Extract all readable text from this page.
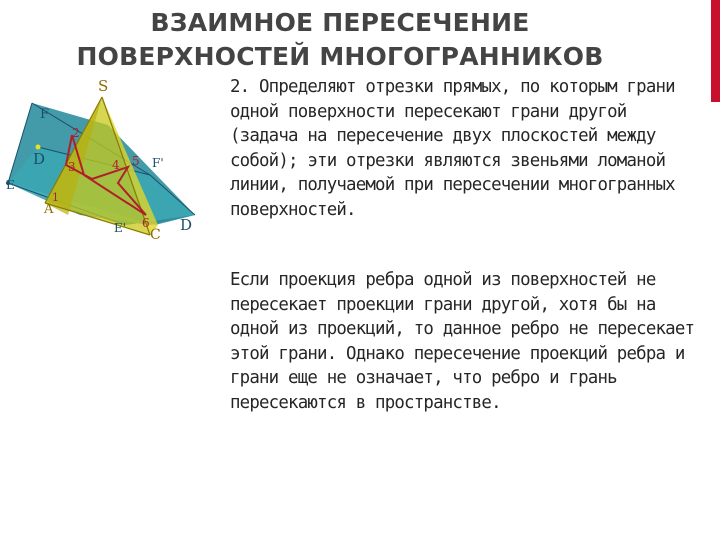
ВЗАИМНОЕ ПЕРЕСЕЧЕНИЕ
ПОВЕРХНОСТЕЙ МНОГОГРАННИКОВ
S
F
D
E
A
F'
E' C
D
1
2
3	4 5
6

2. Определяют отрезки прямых, по которым грани одной поверхности пересекают грани другой (задача на пересечение двух плоскостей между собой); эти отрезки являются звеньями ломаной линии, получаемой при пересечении многогранных поверхностей.

Если проекция ребра одной из поверхностей не пересекает проекции грани другой, хотя бы на одной из проекций, то данное ребро не пересекает этой грани. Однако пересечение проекций ребра и грани еще не означает, что ребро и грань пересекаются в пространстве.
